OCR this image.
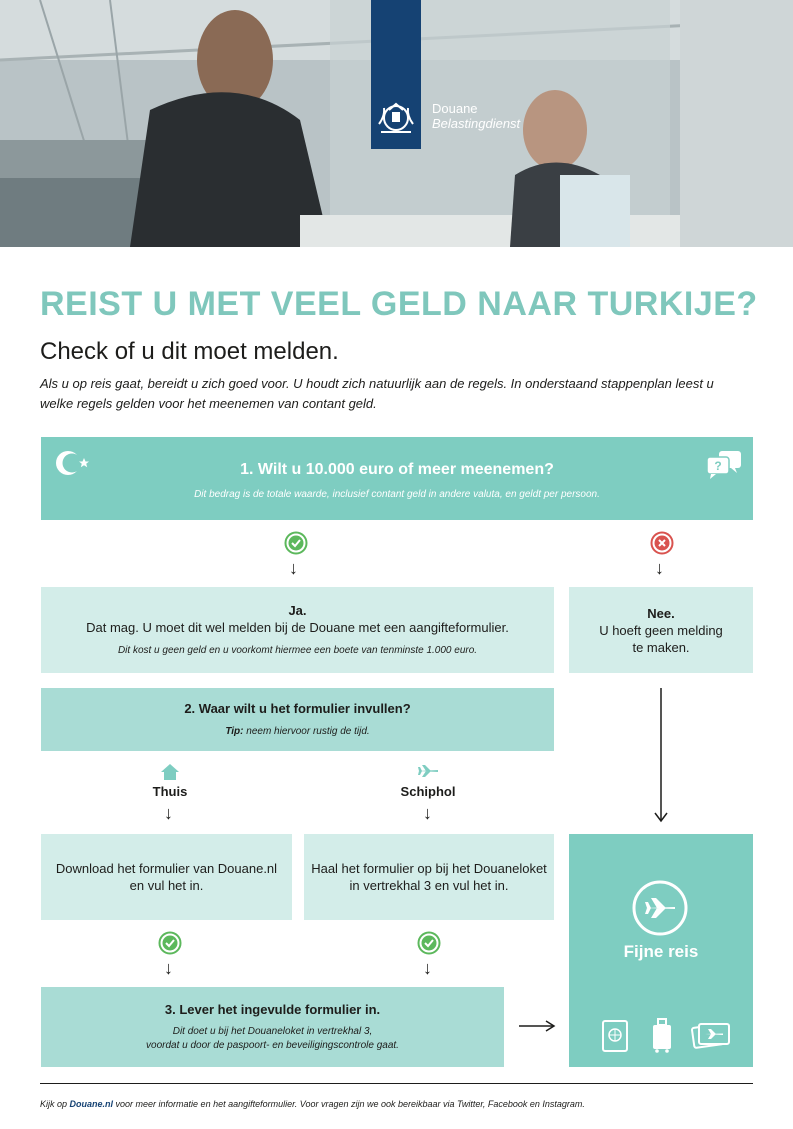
Douane
Belastingdienst
REIST U MET VEEL GELD NAAR TURKIJE?
Check of u dit moet melden.
Als u op reis gaat, bereidt u zich goed voor. U houdt zich natuurlijk aan de regels. In onderstaand stappenplan leest u welke regels gelden voor het meenemen van contant geld.
1. Wilt u 10.000 euro of meer meenemen?
Dit bedrag is de totale waarde, inclusief contant geld in andere valuta, en geldt per persoon.
?
↓	↓
Ja.
Dat mag. U moet dit wel melden bij de Douane met een aangifteformulier.
Dit kost u geen geld en u voorkomt hiermee een boete van tenminste 1.000 euro.
Nee.
U hoeft geen melding
te maken.
2. Waar wilt u het formulier invullen?
Tip: neem hiervoor rustig de tijd.
Thuis	Schiphol
↓	↓
Download het formulier van Douane.nl
en vul het in.
Haal het formulier op bij het Douaneloket
in vertrekhal 3 en vul het in.
Fijne reis
↓	↓
3. Lever het ingevulde formulier in.
Dit doet u bij het Douaneloket in vertrekhal 3,
voordat u door de paspoort- en beveiligingscontrole gaat.
Kijk op Douane.nl voor meer informatie en het aangifteformulier. Voor vragen zijn we ook bereikbaar via Twitter, Facebook en Instagram.
